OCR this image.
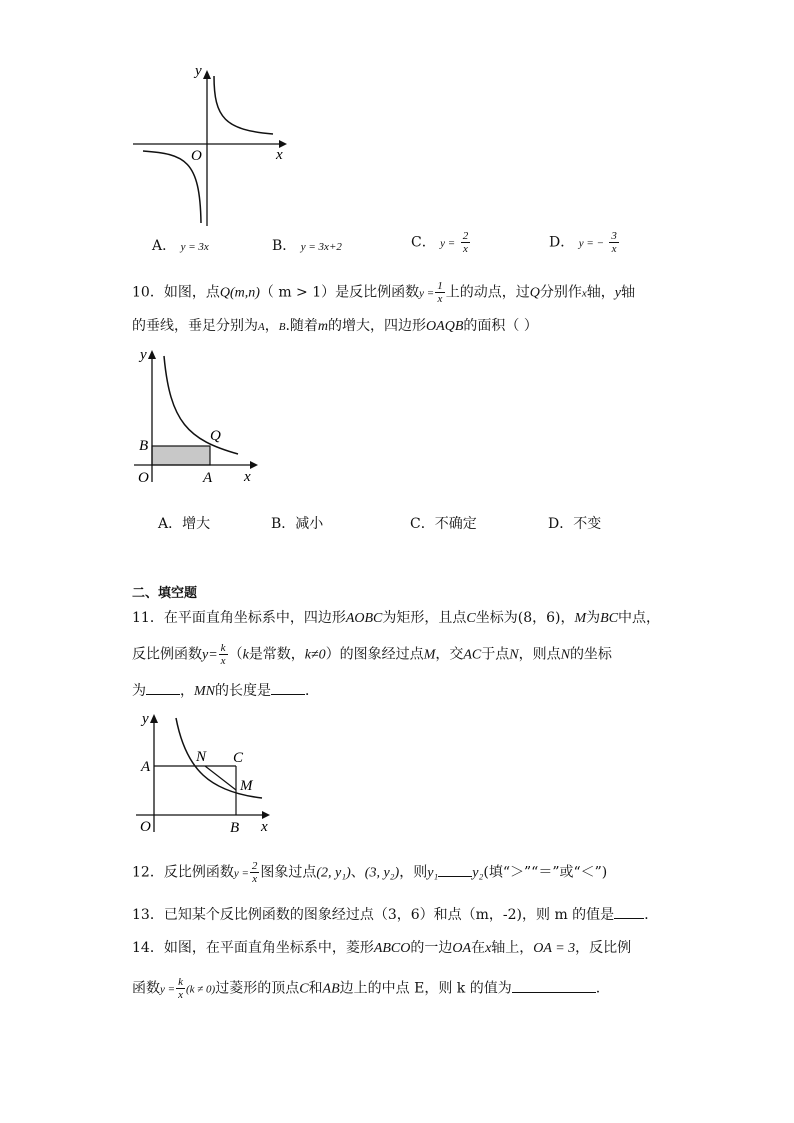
y
x
O
A． y = 3x	B． y = 3x+2	C． $y = \frac{2}{x}$	D． y = − $\frac{3}{x}$
10．如图，点Q(m,n)（ m > 1）是反比例函数$y = \frac{1}{x}$ 上的动点，过Q分别作x轴，y轴
的垂线，垂足分别为A，B.随着m的增大，四边形OAQB的面积（ ）
y
x
O	A
B
Q
A．增大	B．减小	C．不确定	D．不变
二、填空题
11．在平面直角坐标系中，四边形AOBC为矩形，且点C坐标为(8，6)，M为BC中点，
反比例函数$y= \frac{k}{x} (k$是常数，k≠0）的图象经过点M，交AC于点N，则点N的坐标
为 ，MN的长度是 ．
y
x
O
A
B
C
M
N
12．反比例函数$y = \frac{2}{x}$ 图象过点(2, y₁)、(3, y₂)，则y₁ y₂(填“＞”“＝”或“＜”)
13．已知某个反比例函数的图象经过点（3，6）和点（m，-2)，则 m 的值是 ．
14．如图，在平面直角坐标系中，菱形ABCO的一边OA在x轴上，OA = 3，反比例
函数$y = \frac{k}{x} (k \ne 0)$过菱形的顶点C和AB边上的中点 E，则 k 的值为	.
